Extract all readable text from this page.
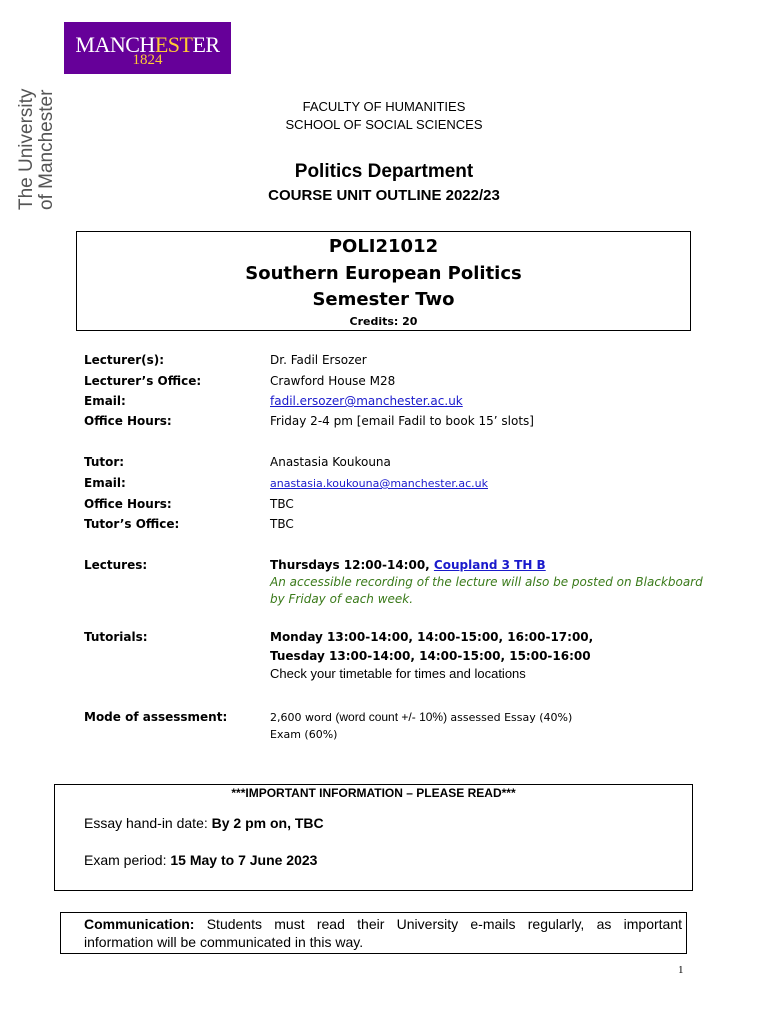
MANCHESTER
1824
The University of Manchester	FACULTY OF HUMANITIES
SCHOOL OF SOCIAL SCIENCES
Politics Department
COURSE UNIT OUTLINE 2022/23
POLI21012
Southern European Politics
Semester Two
Credits: 20
Lecturer(s):	Dr. Fadil Ersozer
Lecturer’s Office:	Crawford House M28
Email:	fadil.ersozer@manchester.ac.uk
Office Hours:	Friday 2-4 pm [email Fadil to book 15’ slots]
Tutor:	Anastasia Koukouna
Email:	anastasia.koukouna@manchester.ac.uk
Office Hours:	TBC
Tutor’s Office:	TBC
Lectures:	Thursdays 12:00-14:00, Coupland 3 TH B
An accessible recording of the lecture will also be posted on Blackboard
by Friday of each week.
Tutorials:	Monday 13:00-14:00, 14:00-15:00, 16:00-17:00,
Tuesday 13:00-14:00, 14:00-15:00, 15:00-16:00
Check your timetable for times and locations
Mode of assessment:	2,600 word (word count +/- 10%) assessed Essay (40%)
Exam (60%)
***IMPORTANT INFORMATION – PLEASE READ***
Essay hand-in date: By 2 pm on, TBC
Exam period: 15 May to 7 June 2023
Communication: Students must read their University e-mails regularly, as important
information will be communicated in this way.
1
